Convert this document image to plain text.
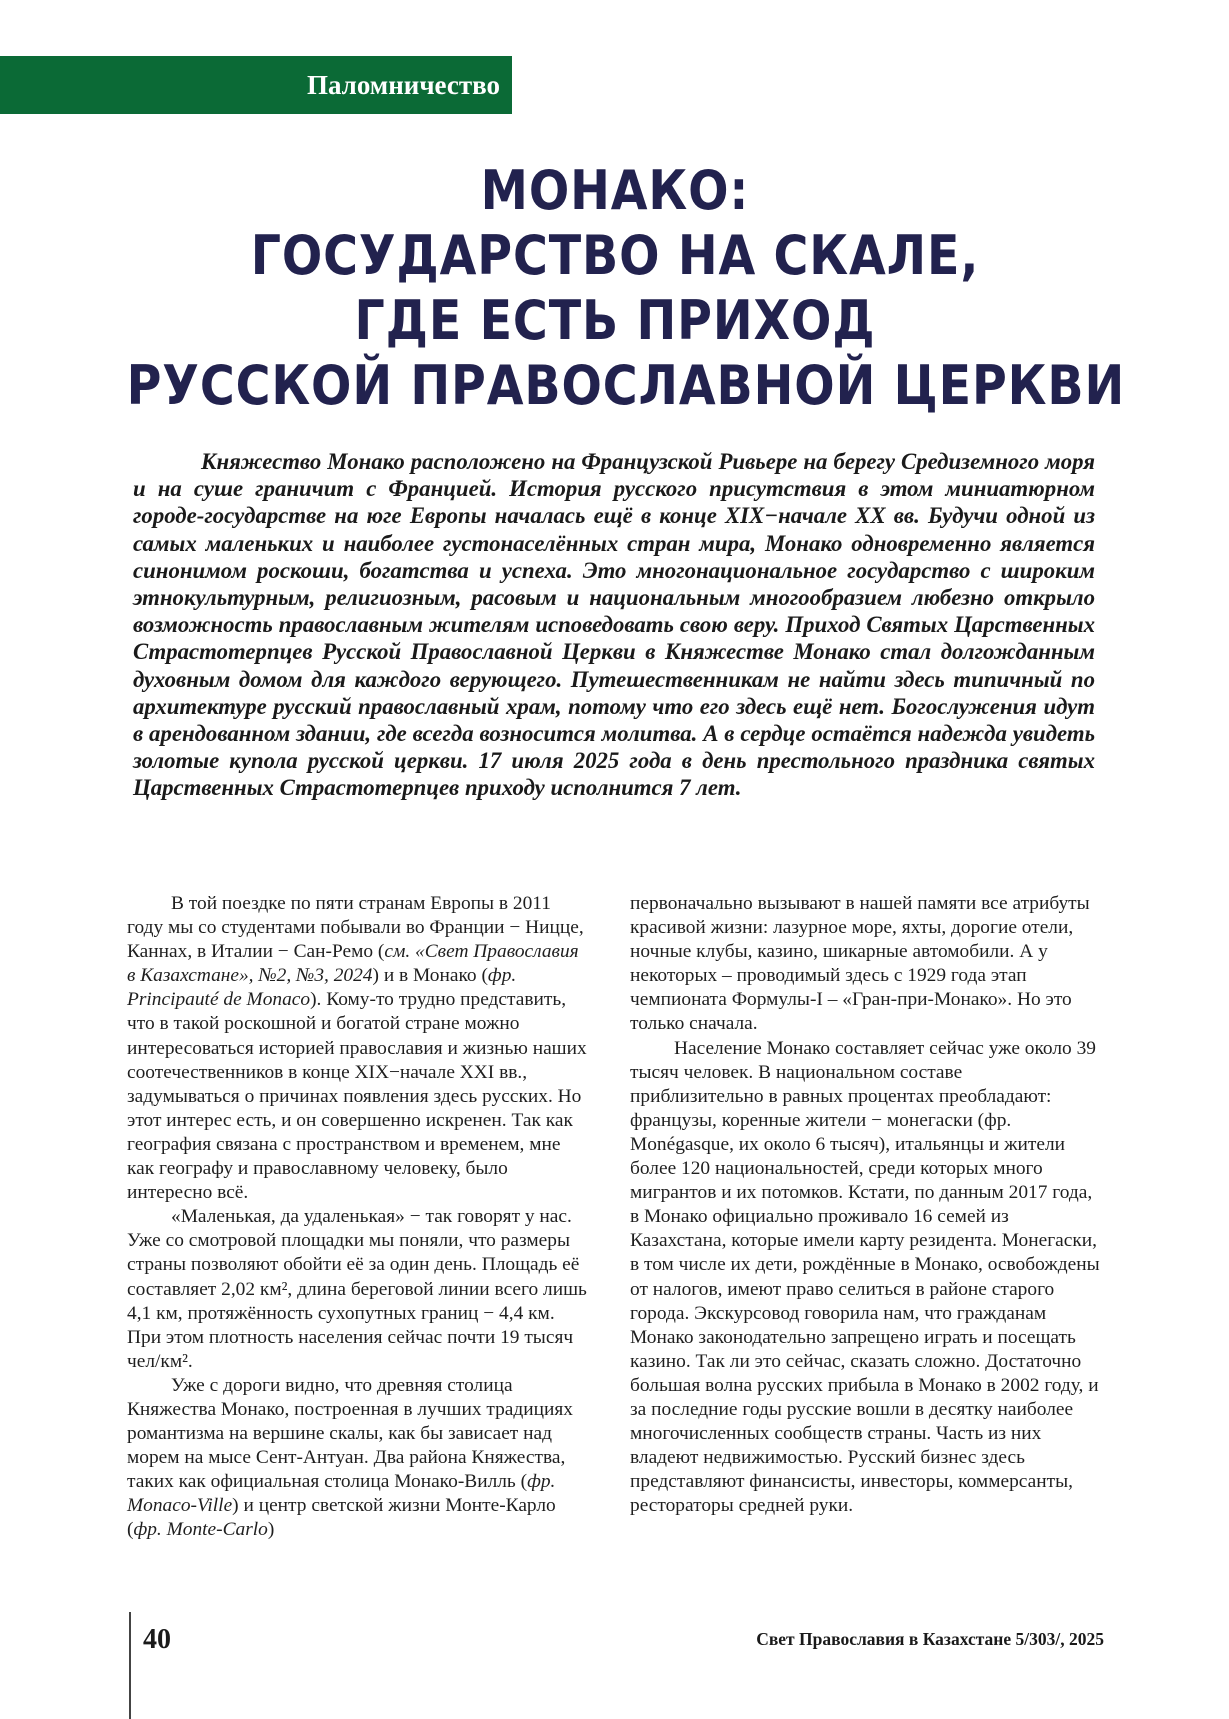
Паломничество
МОНАКО:
ГОСУДАРСТВО НА СКАЛЕ,
ГДЕ ЕСТЬ ПРИХОД
РУССКОЙ ПРАВОСЛАВНОЙ ЦЕРКВИ

Княжество Монако расположено на Французской Ривьере на берегу Средиземного моря и на суше граничит с Францией. История русского присутствия в этом миниатюрном городе-государстве на юге Европы началась ещё в конце XIX−начале XX вв. Будучи одной из самых маленьких и наиболее густонаселённых стран мира, Монако одновременно является синонимом роскоши, богатства и успеха. Это многонациональное государство с широким этнокультурным, религиозным, расовым и национальным многообразием любезно открыло возможность православным жителям исповедовать свою веру. Приход Святых Царственных Страстотерпцев Русской Православной Церкви в Княжестве Монако стал долгожданным духовным домом для каждого верующего. Путешественникам не найти здесь типичный по архитектуре русский православный храм, потому что его здесь ещё нет. Богослужения идут в арендованном здании, где всегда возносится молитва. А в сердце остаётся надежда увидеть золотые купола русской церкви. 17 июля 2025 года в день престольного праздника святых Царственных Страстотерпцев приходу исполнится 7 лет.

В той поездке по пяти странам Европы в 2011 году мы со студентами побывали во Франции − Ницце, Каннах, в Италии − Сан-Ремо (см. «Свет Православия в Казахстане», №2, №3, 2024) и в Монако (фр. Principauté de Monaco). Кому-то трудно представить, что в такой роскошной и богатой стране можно интересоваться историей православия и жизнью наших соотечественников в конце XIX−начале XXI вв., задумываться о причинах появления здесь русских. Но этот интерес есть, и он совершенно искренен. Так как география связана с пространством и временем, мне как географу и православному человеку, было интересно всё.

«Маленькая, да удаленькая» − так говорят у нас. Уже со смотровой площадки мы поняли, что размеры страны позволяют обойти её за один день. Площадь её составляет 2,02 км², длина береговой линии всего лишь 4,1 км, протяжённость сухопутных границ − 4,4 км. При этом плотность населения сейчас почти 19 тысяч чел/км².

Уже с дороги видно, что древняя столица Княжества Монако, построенная в лучших традициях романтизма на вершине скалы, как бы зависает над морем на мысе Сент-Антуан. Два района Княжества, таких как официальная столица Монако-Вилль (фр. Monaco-Ville) и центр светской жизни Монте-Карло (фр. Monte-Carlo)

первоначально вызывают в нашей памяти все атрибуты красивой жизни: лазурное море, яхты, дорогие отели, ночные клубы, казино, шикарные автомобили. А у некоторых – проводимый здесь с 1929 года этап чемпионата Формулы-I – «Гран-при-Монако». Но это только сначала.

Население Монако составляет сейчас уже около 39 тысяч человек. В национальном составе приблизительно в равных процентах преобладают: французы, коренные жители − монегаски (фр. Monégasque, их около 6 тысяч), итальянцы и жители более 120 национальностей, среди которых много мигрантов и их потомков. Кстати, по данным 2017 года, в Монако официально проживало 16 семей из Казахстана, которые имели карту резидента. Монегаски, в том числе их дети, рождённые в Монако, освобождены от налогов, имеют право селиться в районе старого города. Экскурсовод говорила нам, что гражданам Монако законодательно запрещено играть и посещать казино. Так ли это сейчас, сказать сложно. Достаточно большая волна русских прибыла в Монако в 2002 году, и за последние годы русские вошли в десятку наиболее многочисленных сообществ страны. Часть из них владеют недвижимостью. Русский бизнес здесь представляют финансисты, инвесторы, коммерсанты, рестораторы средней руки.

40	Свет Православия в Казахстане 5/303/, 2025
